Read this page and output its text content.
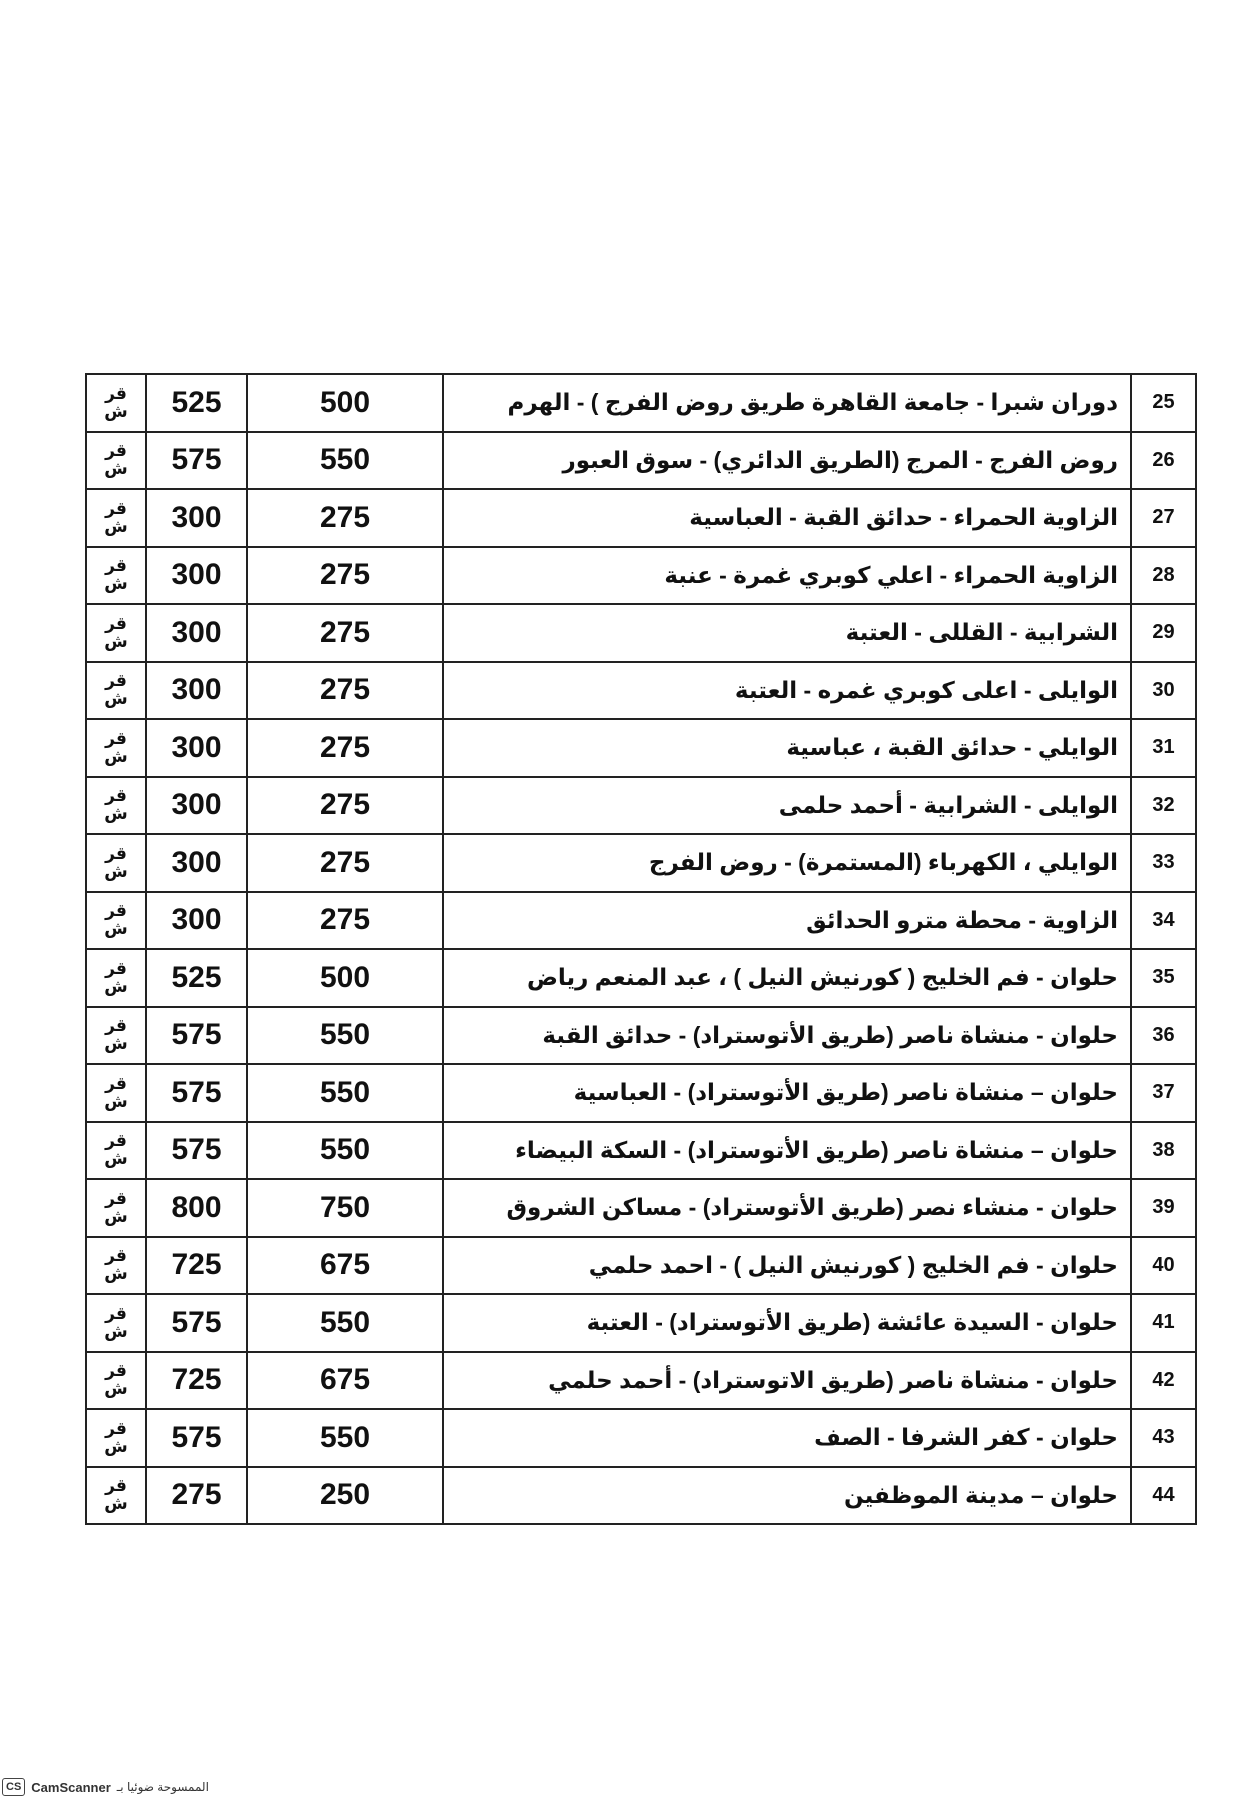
قر
ش	525	500	دوران شبرا - جامعة القاهرة طريق روض الفرج ) - الهرم	25

قر
ش	575	550	روض الفرج - المرج (الطريق الدائري) - سوق العبور	26

قر
ش	300	275	الزاوية الحمراء - حدائق القبة - العباسية	27

قر
ش	300	275	الزاوية الحمراء - اعلي كوبري غمرة - عنبة	28

قر
ش	300	275	الشرابية - القللى - العتبة	29

قر
ش	300	275	الوايلى - اعلى كوبري غمره - العتبة	30

قر
ش	300	275	الوايلي - حدائق القبة ، عباسية	31

قر
ش	300	275	الوايلى - الشرابية - أحمد حلمى	32

قر
ش	300	275	الوايلي ، الكهرباء (المستمرة) - روض الفرج	33

قر
ش	300	275	الزاوية - محطة مترو الحدائق	34

قر
ش	525	500	حلوان - فم الخليج ( كورنيش النيل ) ، عبد المنعم رياض	35

قر
ش	575	550	حلوان - منشاة ناصر (طريق الأتوستراد) - حدائق القبة	36

قر
ش	575	550	حلوان – منشاة ناصر (طريق الأتوستراد) - العباسية	37

قر
ش	575	550	حلوان – منشاة ناصر (طريق الأتوستراد) - السكة البيضاء	38

قر
ش	800	750	حلوان - منشاء نصر (طريق الأتوستراد) - مساكن الشروق	39

قر
ش	725	675	حلوان - فم الخليج ( كورنيش النيل ) - احمد حلمي	40

قر
ش	575	550	حلوان - السيدة عائشة (طريق الأتوستراد) - العتبة	41

قر
ش	725	675	حلوان - منشاة ناصر (طريق الاتوستراد) - أحمد حلمي	42

قر
ش	575	550	حلوان - كفر الشرفا - الصف	43

قر
ش	275	250	حلوان – مدينة الموظفين	44
CS CamScanner الممسوحة ضوئيا بـ
